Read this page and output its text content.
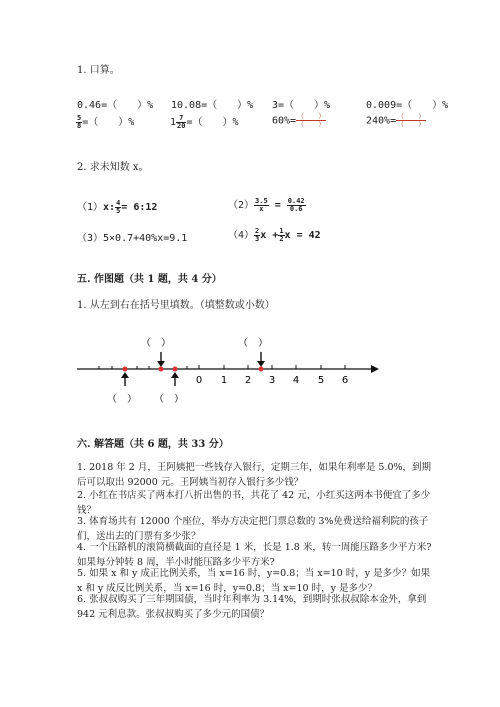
1. 口算。
0.46=（　　）% 10.08=（　　）% 3=（　　）%	0.009=（　　）%
$\frac{5}{8}$ =（　　）%	$1 \frac{7}{20}$ =（　　）%	$60\%= \frac{( )}{( )}$	$240\%= \frac{( )}{( )}$
2. 求未知数 x。
（1）x: $\frac{4}{5}$ = 6:12	$(2) \frac{3.5}{x} = \frac{0.42}{0.6}$
（3）5×0.7+40%x=9.1	$(4) \frac{2}{3}$ $x + \frac{1}{2}$ x = 42
五. 作图题（共 1 题，共 4 分）
1. 从左到右在括号里填数。（填整数或小数）
（　）	（　）
（　） （　）
0 1 2 3 4 5 6
六. 解答题（共 6 题，共 33 分）
1. 2018 年 2 月，王阿姨把一些钱存入银行，定期三年，如果年利率是 5.0%，到期后可以取出 92000 元。王阿姨当初存入银行多少钱？
2. 小红在书店买了两本打八折出售的书，共花了 42 元，小红买这两本书便宜了多少钱？
3. 体育场共有 12000 个座位，举办方决定把门票总数的 3%免费送给福利院的孩子们，送出去的门票有多少张？
4. 一个压路机的滚筒横截面的直径是 1 米，长是 1.8 米，转一周能压路多少平方米?如果每分钟转 8 周，半小时能压路多少平方米?
5. 如果 x 和 y 成正比例关系，当 x=16 时，y=0.8；当 x=10 时，y 是多少？如果 x 和 y 成反比例关系，当 x=16 时，y=0.8；当 x=10 时，y 是多少？
6. 张叔叔购买了三年期国债，当时年利率为 3.14%，到期时张叔叔除本金外，拿到 942 元利息款。张叔叔购买了多少元的国债？
